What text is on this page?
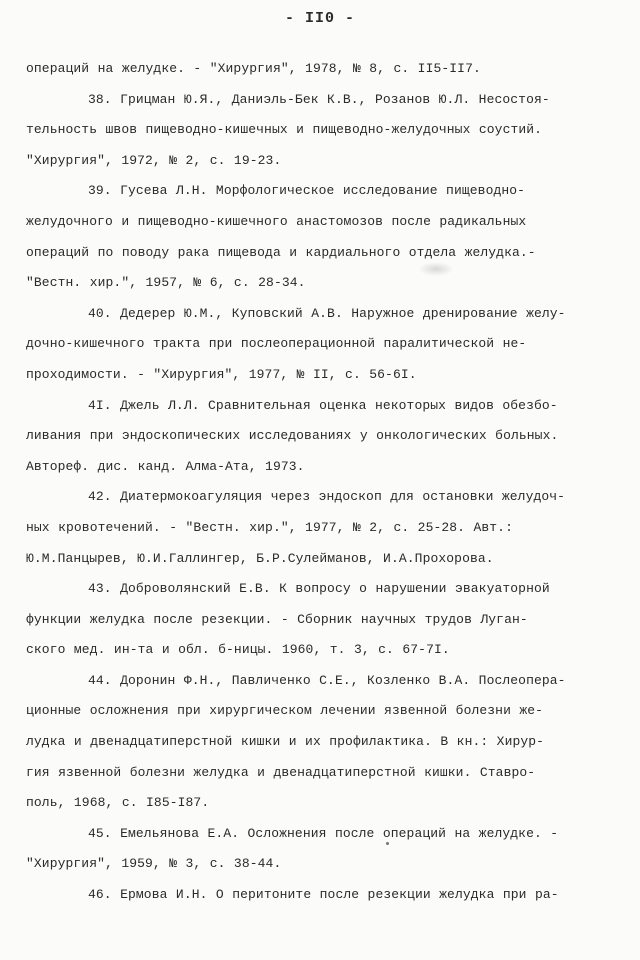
- II0 -
операций на желудке. - "Хирургия", 1978, № 8, с. II5-II7.
38. Грицман Ю.Я., Даниэль-Бек К.В., Розанов Ю.Л. Несостоя-
тельность швов пищеводно-кишечных и пищеводно-желудочных соустий.
"Хирургия", 1972, № 2, с. 19-23.
39. Гусева Л.Н. Морфологическое исследование пищеводно-
желудочного и пищеводно-кишечного анастомозов после радикальных
операций по поводу рака пищевода и кардиального отдела желудка.-
"Вестн. хир.", 1957, № 6, с. 28-34.
40. Дедерер Ю.М., Куповский А.В. Наружное дренирование желу-
дочно-кишечного тракта при послеоперационной паралитической не-
проходимости. - "Хирургия", 1977, № II, с. 56-6I.
4I. Джель Л.Л. Сравнительная оценка некоторых видов обезбо-
ливания при эндоскопических исследованиях у онкологических больных.
Автореф. дис. канд. Алма-Ата, 1973.
42. Диатермокоагуляция через эндоскоп для остановки желудоч-
ных кровотечений. - "Вестн. хир.", 1977, № 2, с. 25-28. Авт.:
Ю.М.Панцырев, Ю.И.Галлингер, Б.Р.Сулейманов, И.А.Прохорова.
43. Доброволянский Е.В. К вопросу о нарушении эвакуаторной
функции желудка после резекции. - Сборник научных трудов Луган-
ского мед. ин-та и обл. б-ницы. 1960, т. 3, с. 67-7I.
44. Доронин Ф.Н., Павличенко С.Е., Козленко В.А. Послеопера-
ционные осложнения при хирургическом лечении язвенной болезни же-
лудка и двенадцатиперстной кишки и их профилактика. В кн.: Хирур-
гия язвенной болезни желудка и двенадцатиперстной кишки. Ставро-
поль, 1968, с. I85-I87.
45. Емельянова Е.А. Осложнения после операций на желудке. -
"Хирургия", 1959, № 3, с. 38-44.
46. Ермова И.Н. О перитоните после резекции желудка при ра-
